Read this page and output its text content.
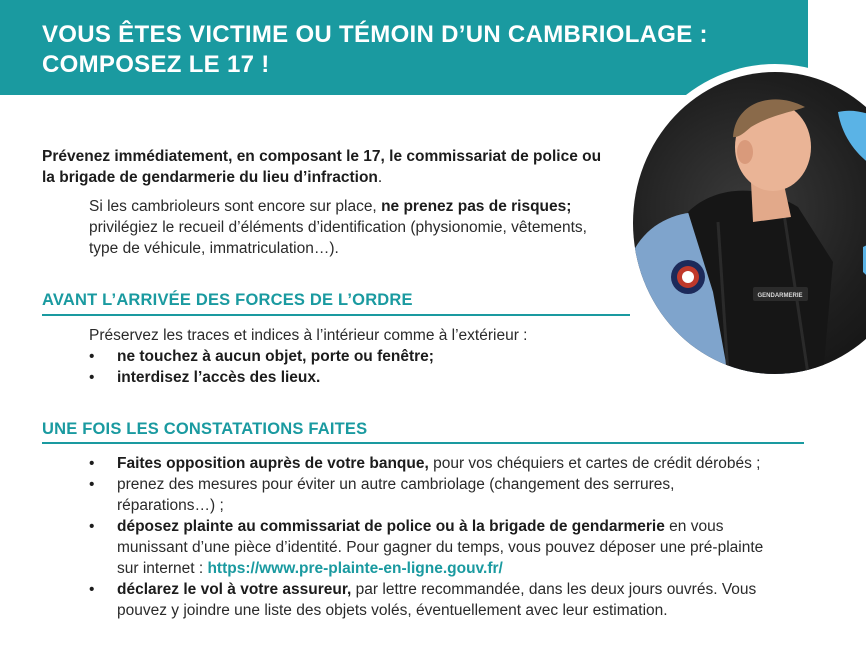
VOUS ÊTES VICTIME OU TÉMOIN D’UN CAMBRIOLAGE :
COMPOSEZ LE 17 !
GENDARMERIE

Prévenez immédiatement, en composant le 17, le commissariat de police ou la brigade de gendarmerie du lieu d’infraction.

Si les cambrioleurs sont encore sur place, ne prenez pas de risques; privilégiez le recueil d’éléments d’identification (physionomie, vêtements, type de véhicule, immatriculation…).

AVANT L’ARRIVÉE DES FORCES DE L’ORDRE

Préservez les traces et indices à l’intérieur comme à l’extérieur :

• ne touchez à aucun objet, porte ou fenêtre;
• interdisez l’accès des lieux.
UNE FOIS LES CONSTATATIONS FAITES
• Faites opposition auprès de votre banque, pour vos chéquiers et cartes de crédit dérobés ;
• prenez des mesures pour éviter un autre cambriolage (changement des serrures, réparations…) ;
• déposez plainte au commissariat de police ou à la brigade de gendarmerie en vous munissant d’une pièce d’identité. Pour gagner du temps, vous pouvez déposer une pré-plainte sur internet : https://www.pre-plainte-en-ligne.gouv.fr/
• déclarez le vol à votre assureur, par lettre recommandée, dans les deux jours ouvrés. Vous pouvez y joindre une liste des objets volés, éventuellement avec leur estimation.
